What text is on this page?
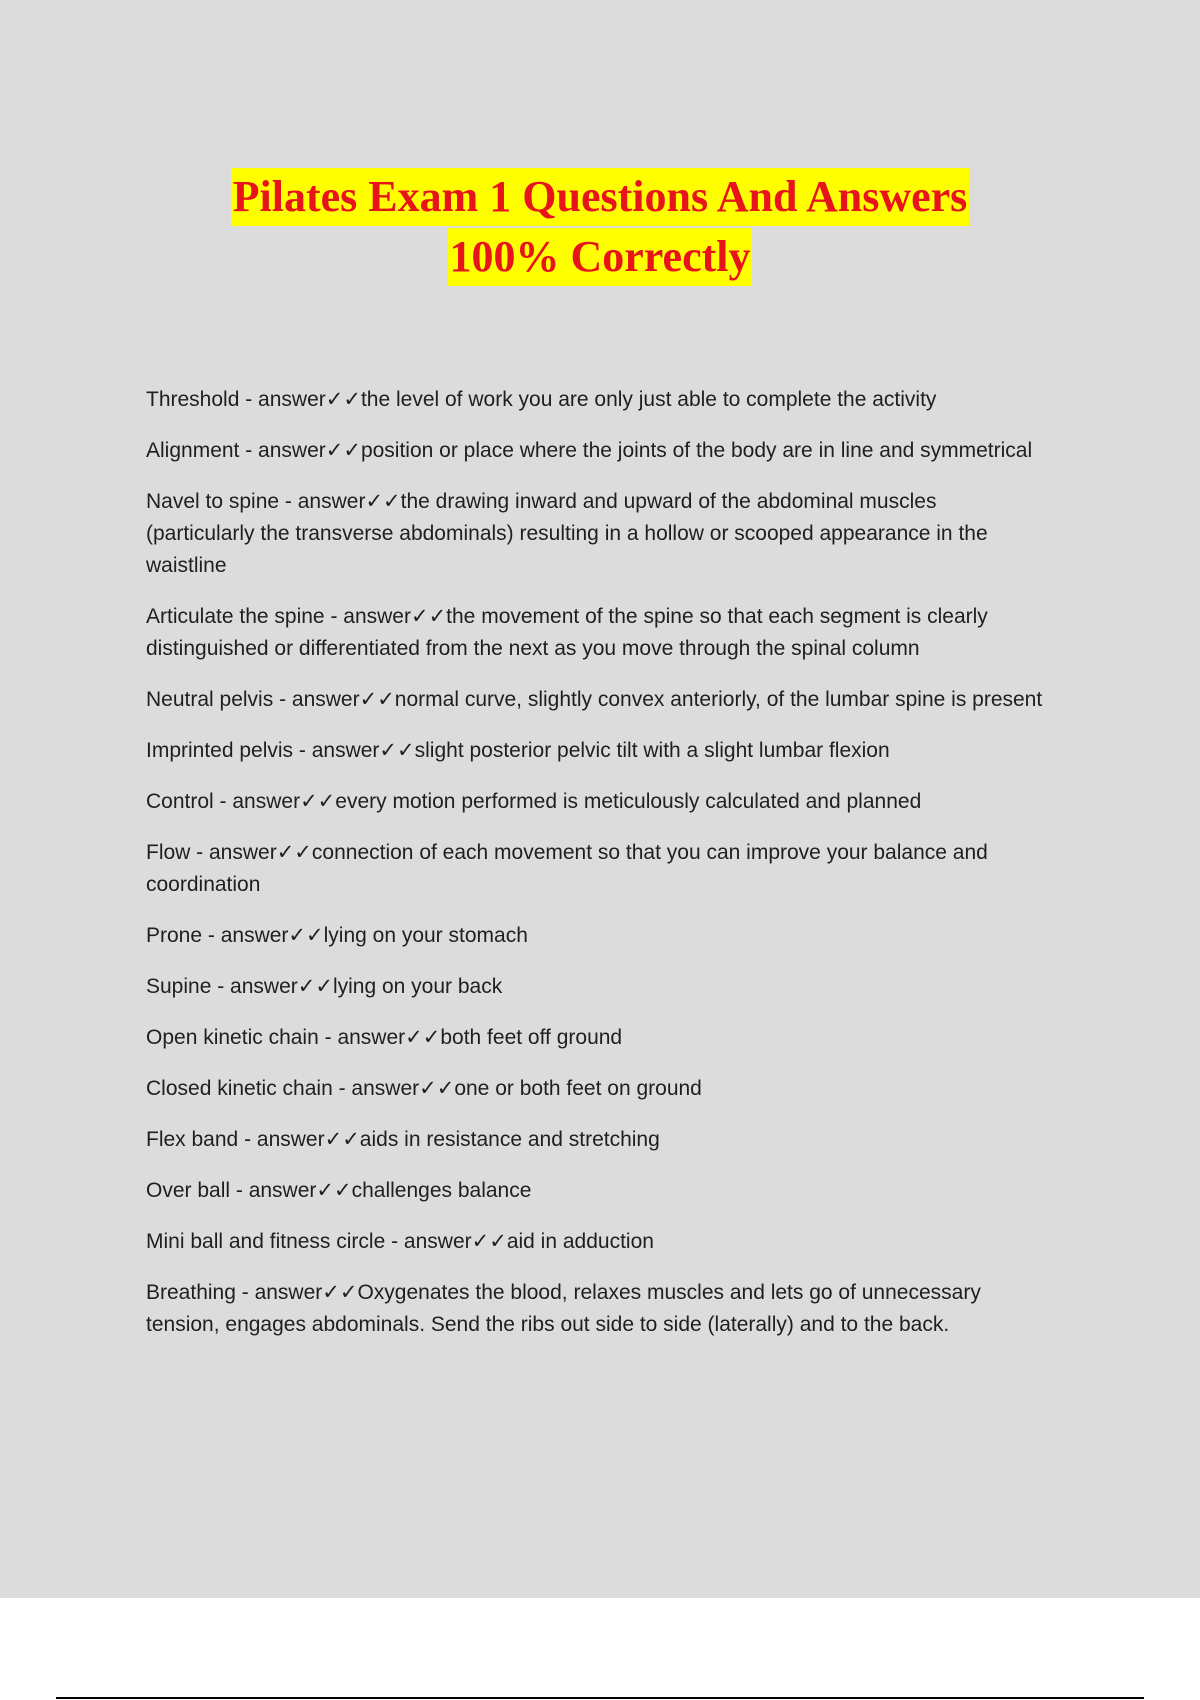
Pilates Exam 1 Questions And Answers
100% Correctly

Threshold - answer✓✓the level of work you are only just able to complete the activity

Alignment - answer✓✓position or place where the joints of the body are in line and symmetrical

Navel to spine - answer✓✓the drawing inward and upward of the abdominal muscles (particularly the transverse abdominals) resulting in a hollow or scooped appearance in the waistline

Articulate the spine - answer✓✓the movement of the spine so that each segment is clearly distinguished or differentiated from the next as you move through the spinal column

Neutral pelvis - answer✓✓normal curve, slightly convex anteriorly, of the lumbar spine is present

Imprinted pelvis - answer✓✓slight posterior pelvic tilt with a slight lumbar flexion

Control - answer✓✓every motion performed is meticulously calculated and planned

Flow - answer✓✓connection of each movement so that you can improve your balance and coordination

Prone - answer✓✓lying on your stomach

Supine - answer✓✓lying on your back

Open kinetic chain - answer✓✓both feet off ground

Closed kinetic chain - answer✓✓one or both feet on ground

Flex band - answer✓✓aids in resistance and stretching

Over ball - answer✓✓challenges balance

Mini ball and fitness circle - answer✓✓aid in adduction

Breathing - answer✓✓Oxygenates the blood, relaxes muscles and lets go of unnecessary tension, engages abdominals. Send the ribs out side to side (laterally) and to the back.
